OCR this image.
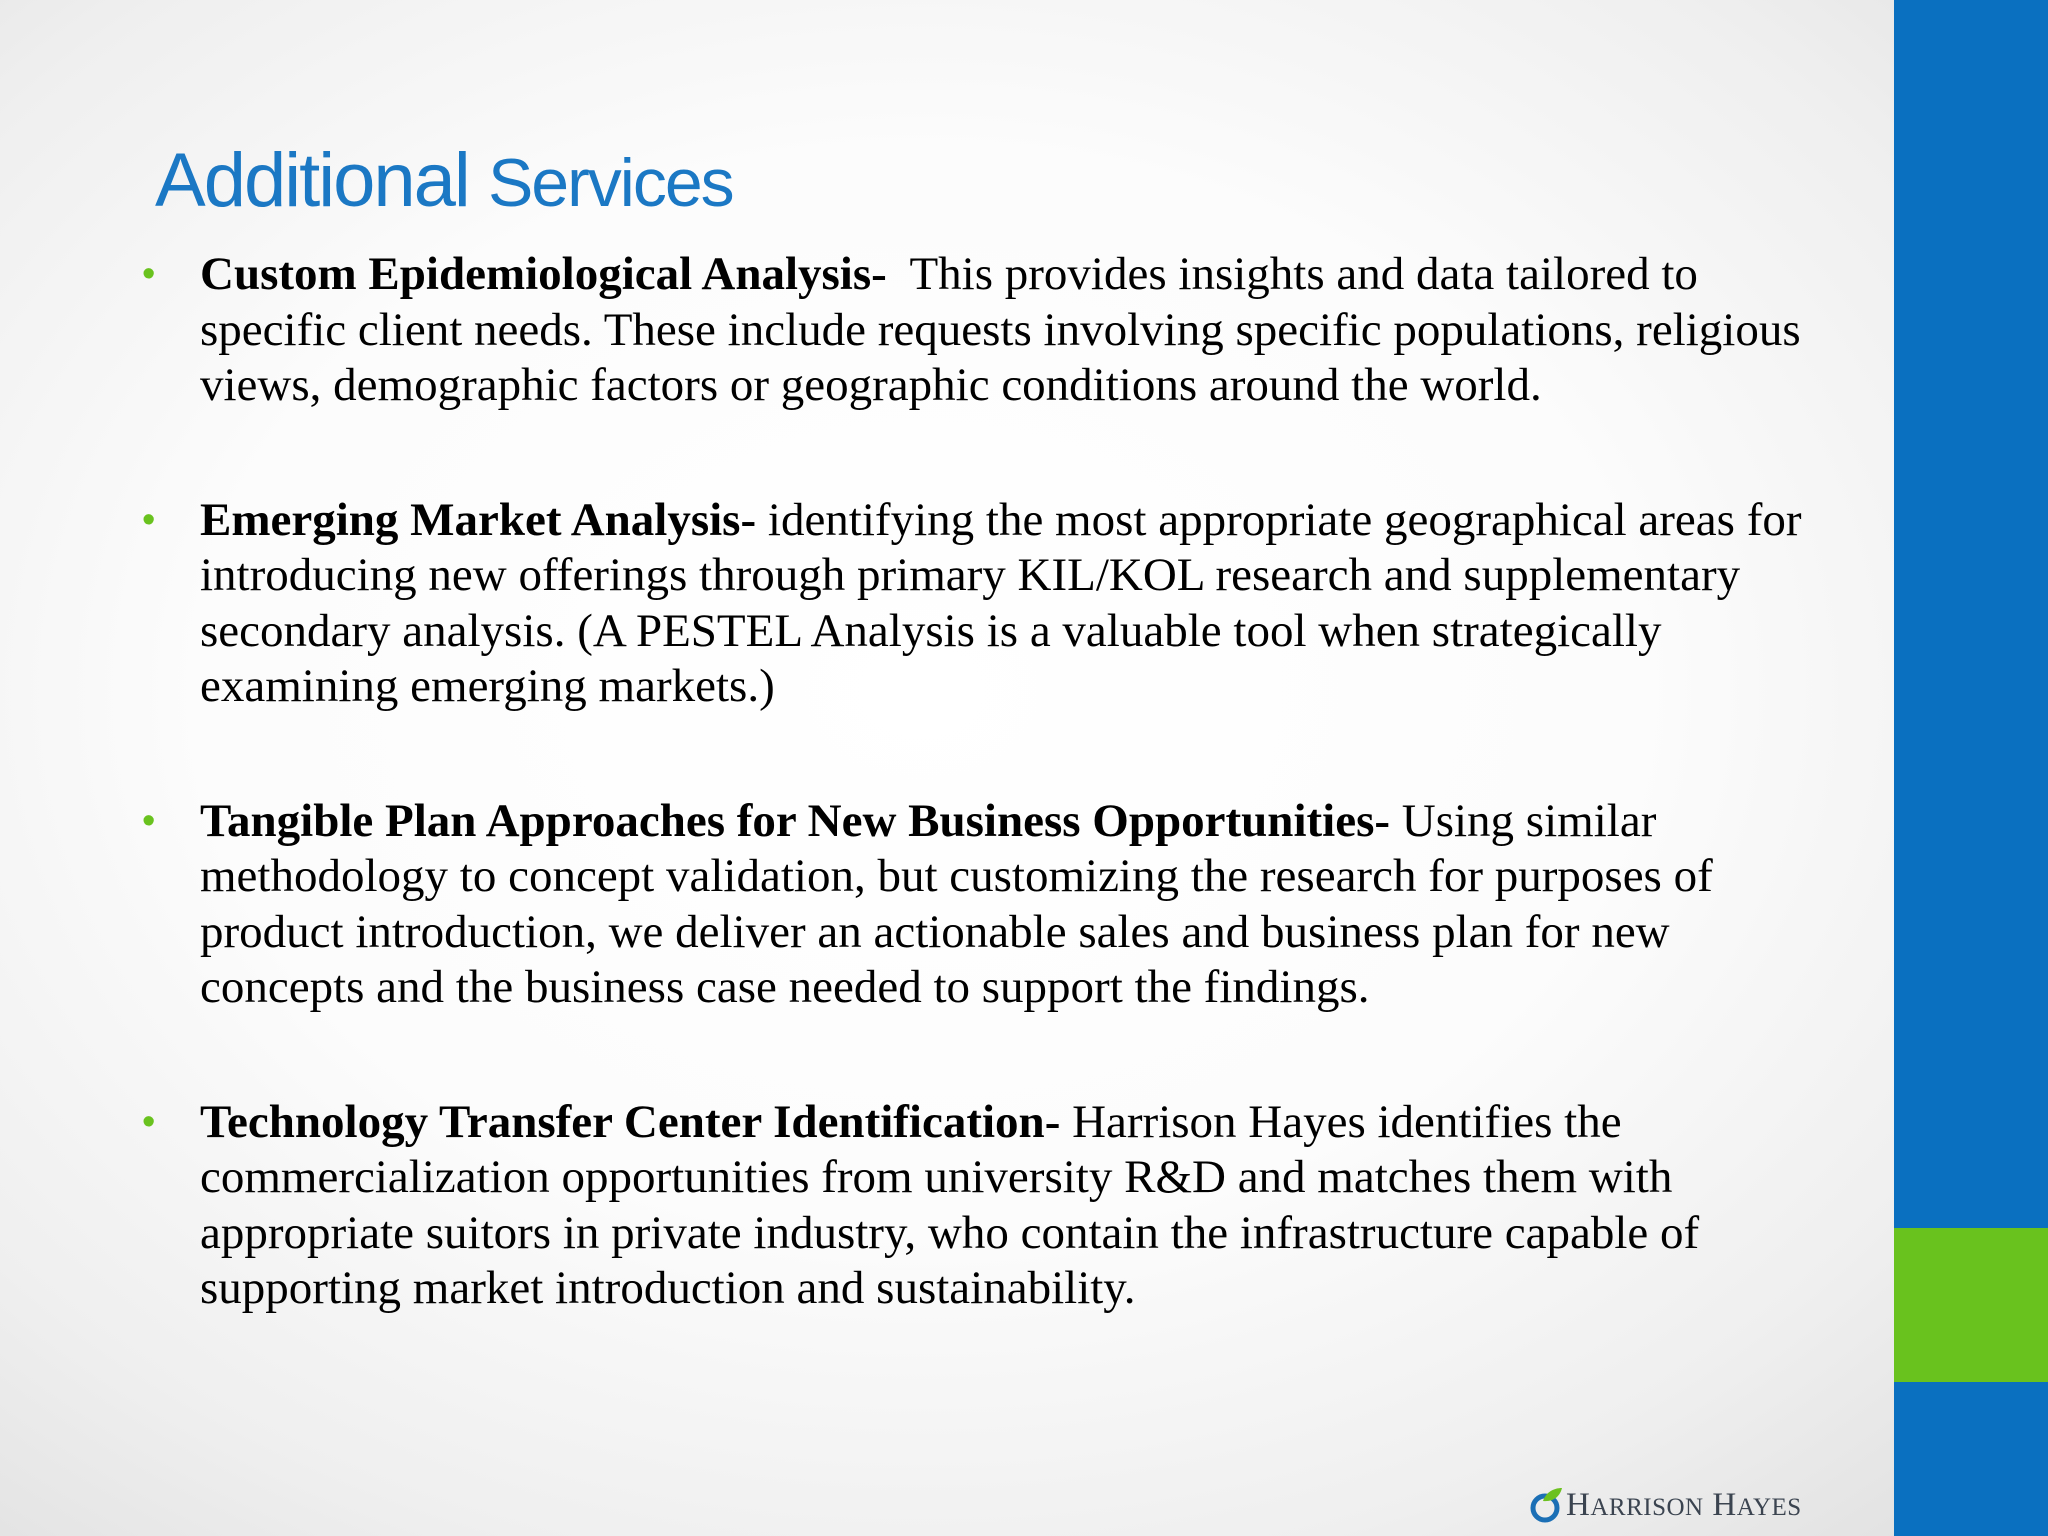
Additional Services
• Custom Epidemiological Analysis-  This provides insights and data tailored to specific client needs. These include requests involving specific populations, religious views, demographic factors or geographic conditions around the world.
• Emerging Market Analysis- identifying the most appropriate geographical areas for introducing new offerings through primary KIL/KOL research and supplementary secondary analysis. (A PESTEL Analysis is a valuable tool when strategically examining emerging markets.)
• Tangible Plan Approaches for New Business Opportunities- Using similar methodology to concept validation, but customizing the research for purposes of product introduction, we deliver an actionable sales and business plan for new concepts and the business case needed to support the findings.
• Technology Transfer Center Identification- Harrison Hayes identifies the commercialization opportunities from university R&D and matches them with appropriate suitors in private industry, who contain the infrastructure capable of supporting market introduction and sustainability.
HARRISON HAYES
